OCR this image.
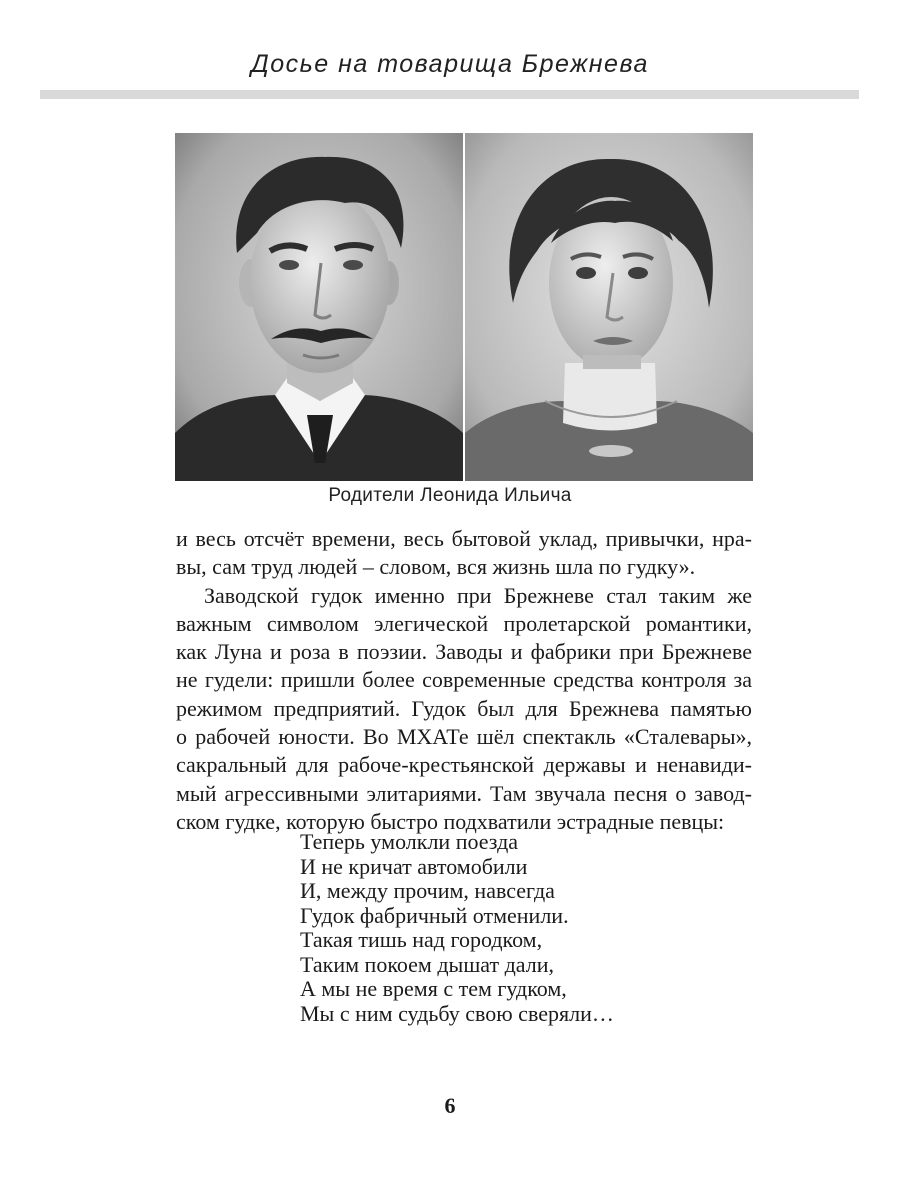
Досье на товарища Брежнева
Родители Леонида Ильича
и весь отсчёт времени, весь бытовой уклад, привычки, нра-
вы, сам труд людей – словом, вся жизнь шла по гудку».
Заводской гудок именно при Брежневе стал таким же
важным символом элегической пролетарской романтики,
как Луна и роза в поэзии. Заводы и фабрики при Брежневе
не гудели: пришли более современные средства контроля за
режимом предприятий. Гудок был для Брежнева памятью
о рабочей юности. Во МХАТе шёл спектакль «Сталевары»,
сакральный для рабоче-крестьянской державы и ненавиди-
мый агрессивными элитариями. Там звучала песня о завод-
ском гудке, которую быстро подхватили эстрадные певцы:
Теперь умолкли поезда
И не кричат автомобили
И, между прочим, навсегда
Гудок фабричный отменили.
Такая тишь над городком,
Таким покоем дышат дали,
А мы не время с тем гудком,
Мы с ним судьбу свою сверяли…
6
